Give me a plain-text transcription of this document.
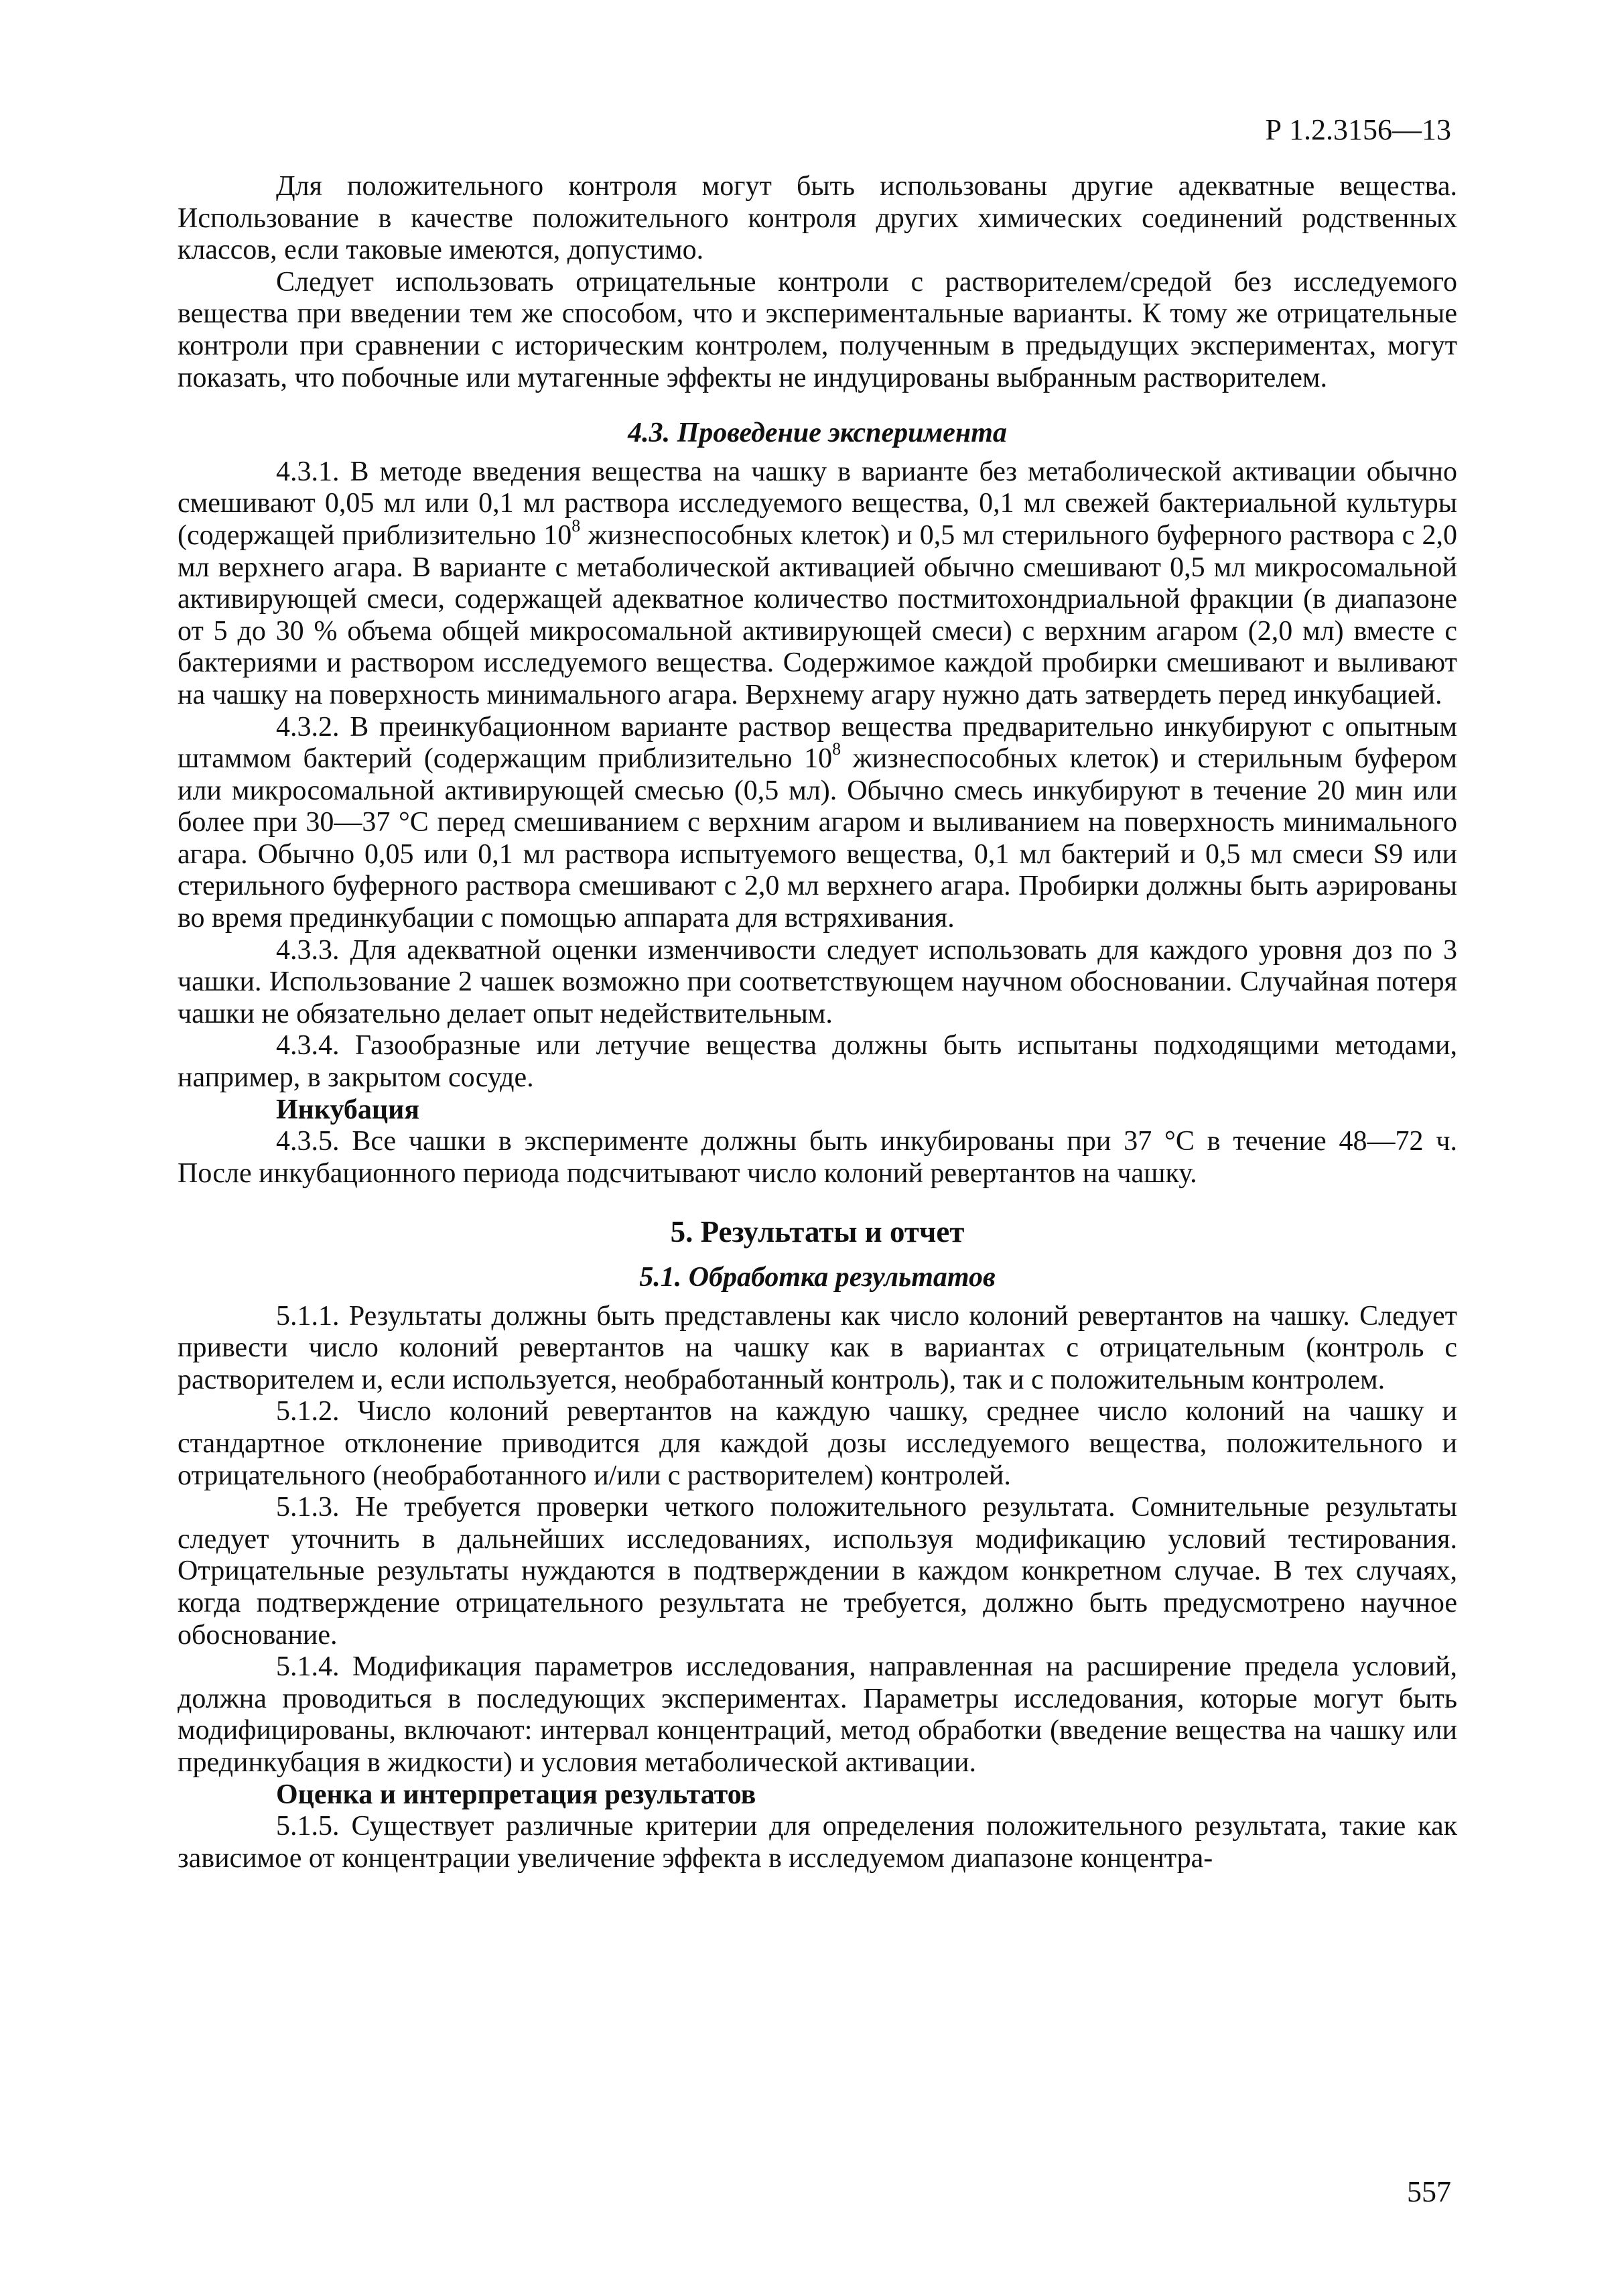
Р 1.2.3156—13

Для положительного контроля могут быть использованы другие адекватные вещества. Использование в качестве положительного контроля других химических соединений родственных классов, если таковые имеются, допустимо.

Следует использовать отрицательные контроли с растворителем/средой без исследуемого вещества при введении тем же способом, что и экспериментальные варианты. К тому же отрицательные контроли при сравнении с историческим контролем, полученным в предыдущих экспериментах, могут показать, что побочные или мутагенные эффекты не индуцированы выбранным растворителем.

4.3. Проведение эксперимента

4.3.1. В методе введения вещества на чашку в варианте без метаболической активации обычно смешивают 0,05 мл или 0,1 мл раствора исследуемого вещества, 0,1 мл свежей бактериальной культуры (содержащей приблизительно $10^8$ жизнеспособных клеток) и 0,5 мл стерильного буферного раствора с 2,0 мл верхнего агара. В варианте с метаболической активацией обычно смешивают 0,5 мл микросомальной активирующей смеси, содержащей адекватное количество постмитохондриальной фракции (в диапазоне от 5 до 30 % объема общей микросомальной активирующей смеси) с верхним агаром (2,0 мл) вместе с бактериями и раствором исследуемого вещества. Содержимое каждой пробирки смешивают и выливают на чашку на поверхность минимального агара. Верхнему агару нужно дать затвердеть перед инкубацией.

4.3.2. В преинкубационном варианте раствор вещества предварительно инкубируют с опытным штаммом бактерий (содержащим приблизительно $10^8$ жизнеспособных клеток) и стерильным буфером или микросомальной активирующей смесью (0,5 мл). Обычно смесь инкубируют в течение 20 мин или более при 30—37 °С перед смешиванием с верхним агаром и выливанием на поверхность минимального агара. Обычно 0,05 или 0,1 мл раствора испытуемого вещества, 0,1 мл бактерий и 0,5 мл смеси S9 или стерильного буферного раствора смешивают с 2,0 мл верхнего агара. Пробирки должны быть аэрированы во время прединкубации с помощью аппарата для встряхивания.

4.3.3. Для адекватной оценки изменчивости следует использовать для каждого уровня доз по 3 чашки. Использование 2 чашек возможно при соответствующем научном обосновании. Случайная потеря чашки не обязательно делает опыт недействительным.

4.3.4. Газообразные или летучие вещества должны быть испытаны подходящими методами, например, в закрытом сосуде.

Инкубация

4.3.5. Все чашки в эксперименте должны быть инкубированы при 37 °С в течение 48—72 ч. После инкубационного периода подсчитывают число колоний ревертантов на чашку.

5. Результаты и отчет

5.1. Обработка результатов

5.1.1. Результаты должны быть представлены как число колоний ревертантов на чашку. Следует привести число колоний ревертантов на чашку как в вариантах с отрицательным (контроль с растворителем и, если используется, необработанный контроль), так и с положительным контролем.

5.1.2. Число колоний ревертантов на каждую чашку, среднее число колоний на чашку и стандартное отклонение приводится для каждой дозы исследуемого вещества, положительного и отрицательного (необработанного и/или с растворителем) контролей.

5.1.3. Не требуется проверки четкого положительного результата. Сомнительные результаты следует уточнить в дальнейших исследованиях, используя модификацию условий тестирования. Отрицательные результаты нуждаются в подтверждении в каждом конкретном случае. В тех случаях, когда подтверждение отрицательного результата не требуется, должно быть предусмотрено научное обоснование.

5.1.4. Модификация параметров исследования, направленная на расширение предела условий, должна проводиться в последующих экспериментах. Параметры исследования, которые могут быть модифицированы, включают: интервал концентраций, метод обработки (введение вещества на чашку или прединкубация в жидкости) и условия метаболической активации.

Оценка и интерпретация результатов

5.1.5. Существует различные критерии для определения положительного результата, такие как зависимое от концентрации увеличение эффекта в исследуемом диапазоне концентра-

557
